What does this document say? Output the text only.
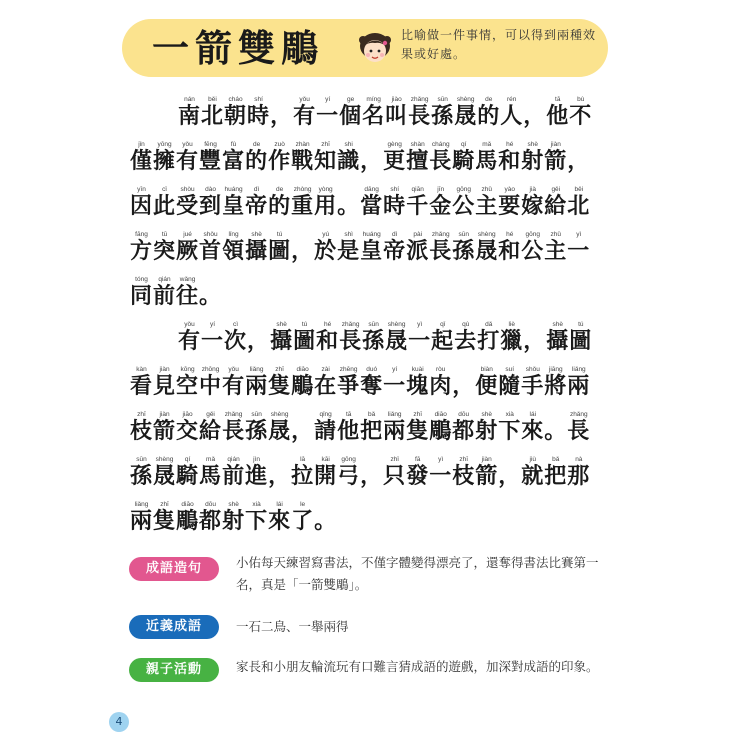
一箭雙鵰	比喻做一件事情，可以得到兩種效果或好處。
南nán北běi朝cháo時shí， 有yǒu一yí個ge名míng叫jiào長zhǎng孫sūn晟shèng的de人rén， 他tā不bù
僅jǐn擁yōng有yǒu豐fēng富fù的de作zuò戰zhàn知zhī識shi， 更gèng擅shàn長cháng騎qí馬mǎ和hé射shè箭jiàn，
因yīn此cǐ受shòu到dào皇huáng帝dì的de重zhòng用yòng。 當dāng時shí千qiān金jīn公gōng主zhǔ要yào嫁jià給gěi北běi
方fāng突tū厥jué首shǒu領lǐng攝shè圖tú， 於yú是shì皇huáng帝dì派pài長zhǎng孫sūn晟shèng和hé公gōng主zhǔ一yì
同tóng前qián往wǎng。
有yǒu一yí次cì， 攝shè圖tú和hé長zhǎng孫sūn晟shèng一yì起qǐ去qù打dǎ獵liè， 攝shè圖tú
看kàn見jiàn空kōng中zhōng有yǒu兩liǎng隻zhī鵰diāo在zài爭zhēng奪duó一yí塊kuài肉ròu， 便biàn隨suí手shǒu將jiāng兩liǎng
枝zhī箭jiàn交jiāo給gěi長zhǎng孫sūn晟shèng， 請qǐng他tā把bǎ兩liǎng隻zhī鵰diāo都dōu射shè下xià來lái。 長zhǎng
孫sūn晟shèng騎qí馬mǎ前qián進jìn， 拉lā開kāi弓gōng， 只zhǐ發fā一yì枝zhī箭jiàn， 就jiù把bǎ那nà
兩liǎng隻zhī鵰diāo都dōu射shè下xià來lái了le。
成語造句	小佑每天練習寫書法，不僅字體變得漂亮了，還奪得書法比賽第一名，真是「一箭雙鵰」。
近義成語	一石二鳥、一舉兩得
親子活動	家長和小朋友輪流玩有口難言猜成語的遊戲，加深對成語的印象。
4
